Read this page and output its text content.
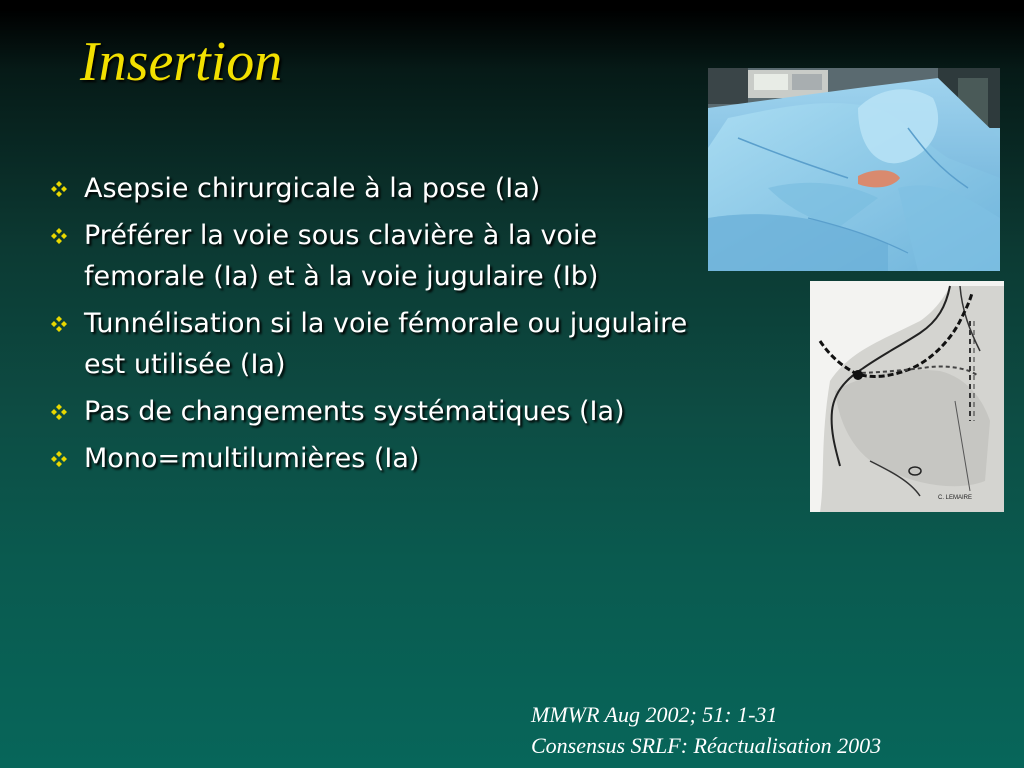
Insertion
C. LEMAIRE
Asepsie chirurgicale à la pose (Ia)
Préférer la voie sous clavière à la voie
femorale (Ia) et à la voie jugulaire (Ib)
Tunnélisation si la voie fémorale ou jugulaire
est utilisée (Ia)
Pas de changements systématiques (Ia)
Mono=multilumières (Ia)
MMWR Aug 2002; 51: 1-31
Consensus SRLF: Réactualisation 2003
